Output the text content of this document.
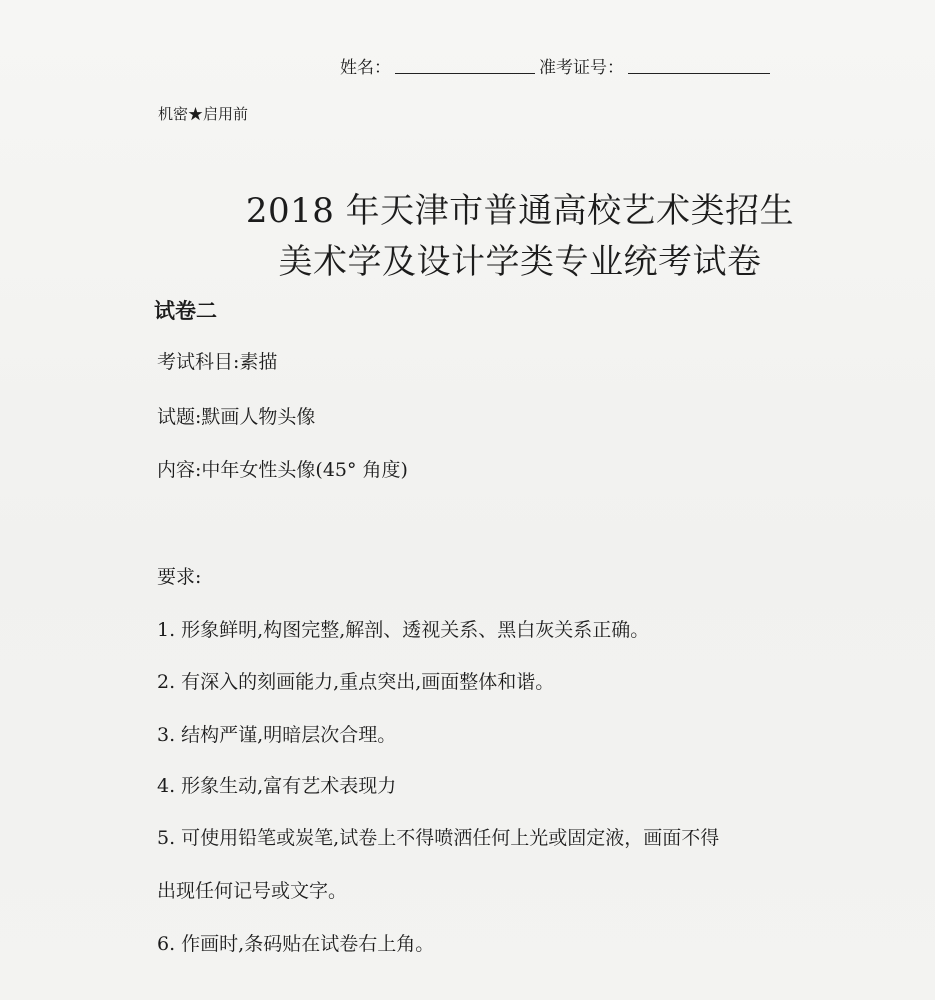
姓名：	准考证号：
机密★启用前
2018 年天津市普通高校艺术类招生
美术学及设计学类专业统考试卷
试卷二
考试科目:素描
试题:默画人物头像
内容:中年女性头像(45° 角度)
要求:
1. 形象鲜明,构图完整,解剖、透视关系、黑白灰关系正确。
2. 有深入的刻画能力,重点突出,画面整体和谐。
3. 结构严谨,明暗层次合理。
4. 形象生动,富有艺术表现力
5. 可使用铅笔或炭笔,试卷上不得喷洒任何上光或固定液，画面不得
出现任何记号或文字。
6. 作画时,条码贴在试卷右上角。
